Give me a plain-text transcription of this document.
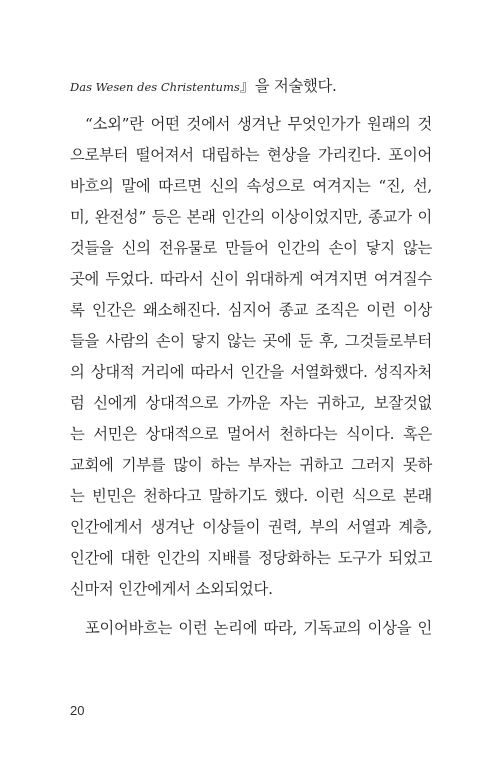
Das Wesen des Christentums』을 저술했다.
“소외”란 어떤 것에서 생겨난 무엇인가가 원래의 것
으로부터 떨어져서 대립하는 현상을 가리킨다. 포이어
바흐의 말에 따르면 신의 속성으로 여겨지는 “진, 선,
미, 완전성” 등은 본래 인간의 이상이었지만, 종교가 이
것들을 신의 전유물로 만들어 인간의 손이 닿지 않는
곳에 두었다. 따라서 신이 위대하게 여겨지면 여겨질수
록 인간은 왜소해진다. 심지어 종교 조직은 이런 이상
들을 사람의 손이 닿지 않는 곳에 둔 후, 그것들로부터
의 상대적 거리에 따라서 인간을 서열화했다. 성직자처
럼 신에게 상대적으로 가까운 자는 귀하고, 보잘것없
는 서민은 상대적으로 멀어서 천하다는 식이다. 혹은
교회에 기부를 많이 하는 부자는 귀하고 그러지 못하
는 빈민은 천하다고 말하기도 했다. 이런 식으로 본래
인간에게서 생겨난 이상들이 권력, 부의 서열과 계층,
인간에 대한 인간의 지배를 정당화하는 도구가 되었고
신마저 인간에게서 소외되었다.
포이어바흐는 이런 논리에 따라, 기독교의 이상을 인
20
